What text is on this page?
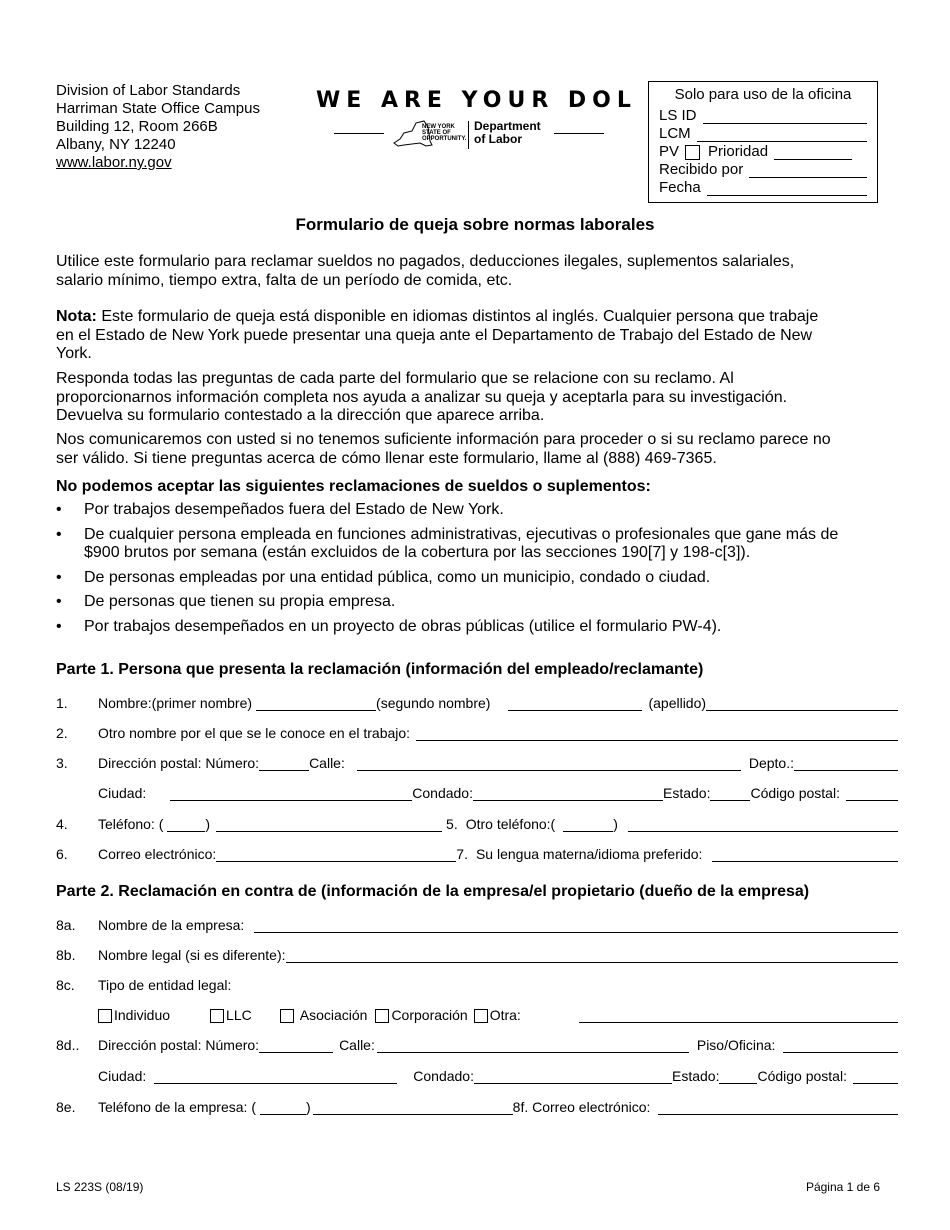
Division of Labor Standards
Harriman State Office Campus
Building 12, Room 266B
Albany, NY 12240
www.labor.ny.gov
WE ARE YOUR DOL
NEW YORK STATE OF OPPORTUNITY.
Department
of Labor
Solo para uso de la oficina
LS ID
LCM
PV Prioridad
Recibido por
Fecha
Formulario de queja sobre normas laborales
Utilice este formulario para reclamar sueldos no pagados, deducciones ilegales, suplementos salariales, salario mínimo, tiempo extra, falta de un período de comida, etc.
Nota: Este formulario de queja está disponible en idiomas distintos al inglés. Cualquier persona que trabaje en el Estado de New York puede presentar una queja ante el Departamento de Trabajo del Estado de New York.
Responda todas las preguntas de cada parte del formulario que se relacione con su reclamo. Al proporcionarnos información completa nos ayuda a analizar su queja y aceptarla para su investigación. Devuelva su formulario contestado a la dirección que aparece arriba.
Nos comunicaremos con usted si no tenemos suficiente información para proceder o si su reclamo parece no ser válido. Si tiene preguntas acerca de cómo llenar este formulario, llame al (888) 469-7365.
No podemos aceptar las siguientes reclamaciones de sueldos o suplementos:
• Por trabajos desempeñados fuera del Estado de New York.
• De cualquier persona empleada en funciones administrativas, ejecutivas o profesionales que gane más de $900 brutos por semana (están excluidos de la cobertura por las secciones 190[7] y 198-c[3]).
• De personas empleadas por una entidad pública, como un municipio, condado o ciudad.
• De personas que tienen su propia empresa.
• Por trabajos desempeñados en un proyecto de obras públicas (utilice el formulario PW-4).
Parte 1. Persona que presenta la reclamación (información del empleado/reclamante)
1.	Nombre:(primer nombre)	(segundo nombre)	(apellido)
2.	Otro nombre por el que se le conoce en el trabajo:
3.	Dirección postal: Número:	Calle:	Depto.:
Ciudad:	Condado:	Estado:	Código postal:
4.	Teléfono: (	)	5. Otro teléfono:(	)
6.	Correo electrónico:	7. Su lengua materna/idioma preferido:
Parte 2. Reclamación en contra de (información de la empresa/el propietario (dueño de la empresa)
8a.	Nombre de la empresa:
8b.	Nombre legal (si es diferente):
8c.	Tipo de entidad legal:
Individuo	LLC	Asociación Corporación Otra:
8d..	Dirección postal: Número:	Calle:	Piso/Oficina:
Ciudad:	Condado:	Estado:	Código postal:
8e.	Teléfono de la empresa: (	)	8f. Correo electrónico:
LS 223S (08/19)	Página 1 de 6
